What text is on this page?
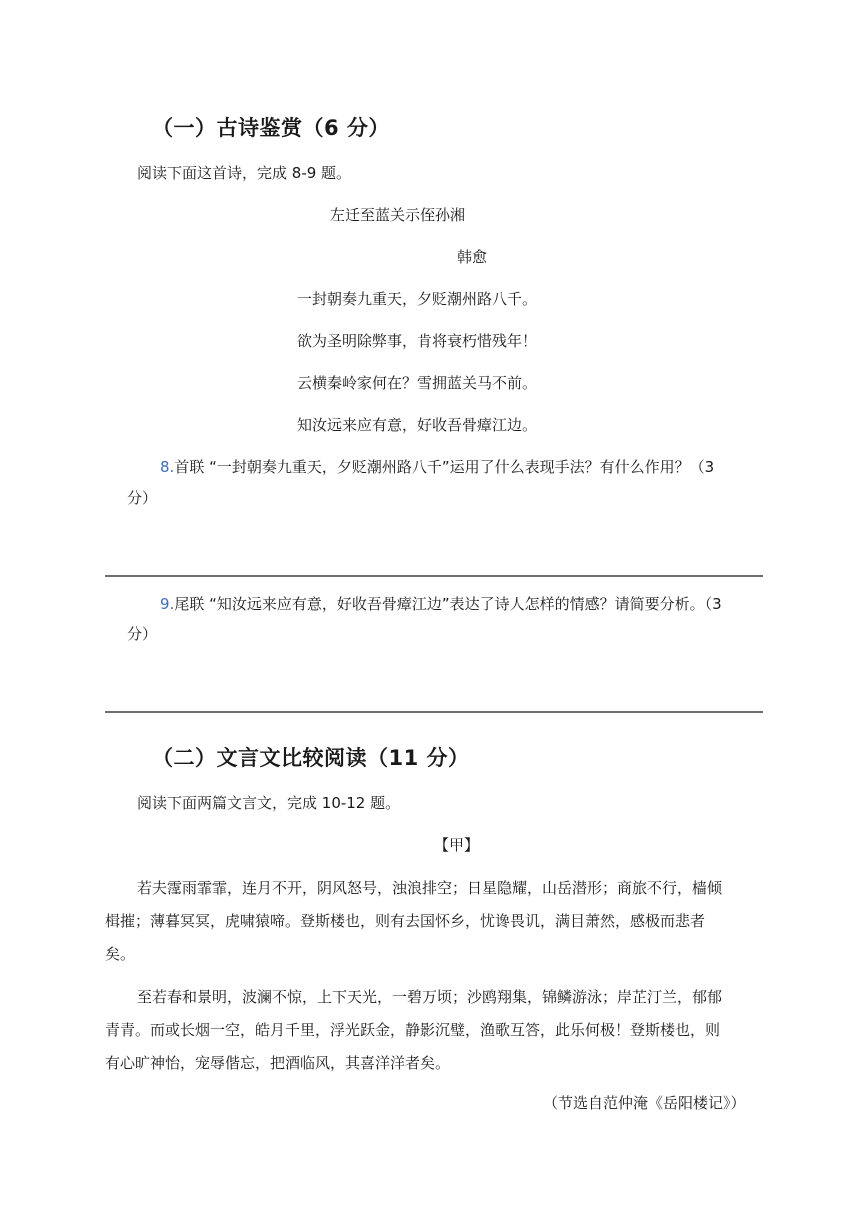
（一）古诗鉴赏（6 分）
阅读下面这首诗，完成 8-9 题。
左迁至蓝关示侄孙湘
韩愈
一封朝奏九重天，夕贬潮州路八千。
欲为圣明除弊事，肯将衰朽惜残年！
云横秦岭家何在？雪拥蓝关马不前。
知汝远来应有意，好收吾骨瘴江边。
8.首联 “一封朝奏九重天，夕贬潮州路八千”运用了什么表现手法？有什么作用？（3
分）
9.尾联 “知汝远来应有意，好收吾骨瘴江边”表达了诗人怎样的情感？请简要分析。（3
分）
（二）文言文比较阅读（11 分）
阅读下面两篇文言文，完成 10-12 题。
【甲】
若夫霪雨霏霏，连月不开，阴风怒号，浊浪排空；日星隐耀，山岳潜形；商旅不行，樯倾
楫摧；薄暮冥冥，虎啸猿啼。登斯楼也，则有去国怀乡，忧谗畏讥，满目萧然，感极而悲者
矣。
至若春和景明，波澜不惊，上下天光，一碧万顷；沙鸥翔集，锦鳞游泳；岸芷汀兰，郁郁
青青。而或长烟一空，皓月千里，浮光跃金，静影沉璧，渔歌互答，此乐何极！登斯楼也，则
有心旷神怡，宠辱偕忘，把酒临风，其喜洋洋者矣。
（节选自范仲淹《岳阳楼记》）
